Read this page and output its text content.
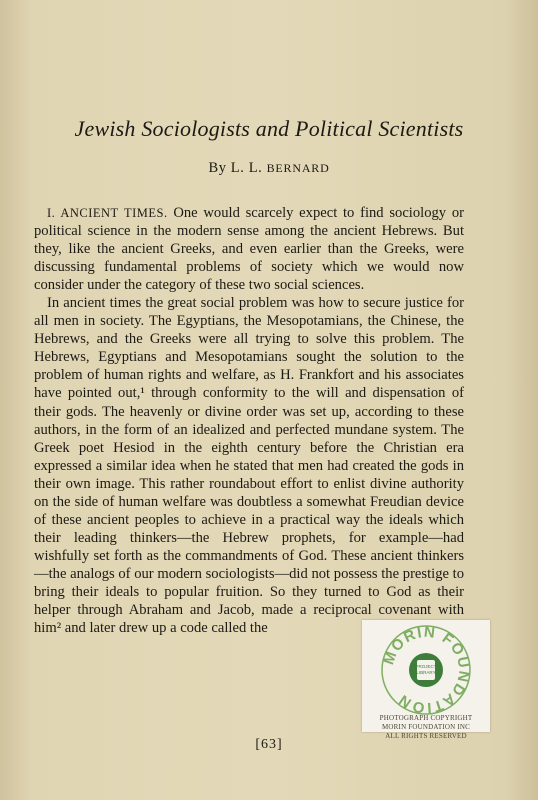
Jewish Sociologists and Political Scientists
By L. L. BERNARD

I. ANCIENT TIMES. One would scarcely expect to find sociology or political science in the modern sense among the ancient Hebrews. But they, like the ancient Greeks, and even earlier than the Greeks, were discussing fundamental problems of society which we would now consider under the category of these two social sciences.

In ancient times the great social problem was how to secure justice for all men in society. The Egyptians, the Mesopotamians, the Chinese, the Hebrews, and the Greeks were all trying to solve this problem. The Hebrews, Egyptians and Mesopotamians sought the solution to the problem of human rights and welfare, as H. Frankfort and his associates have pointed out,¹ through conformity to the will and dispensation of their gods. The heavenly or divine order was set up, according to these authors, in the form of an idealized and perfected mundane system. The Greek poet Hesiod in the eighth century before the Christian era expressed a similar idea when he stated that men had created the gods in their own image. This rather roundabout effort to enlist divine authority on the side of human welfare was doubtless a somewhat Freudian device of these ancient peoples to achieve in a practical way the ideals which their leading thinkers—the Hebrew prophets, for example—had wishfully set forth as the commandments of God. These ancient thinkers—the analogs of our modern sociologists—did not possess the prestige to bring their ideals to popular fruition. So they turned to God as their helper through Abraham and Jacob, made a reciprocal covenant with him² and later drew up a code called the

[63]
MORIN FOUNDATION
PROJECT
LIBRARY
PHOTOGRAPH COPYRIGHT
MORIN FOUNDATION INC
ALL RIGHTS RESERVED
